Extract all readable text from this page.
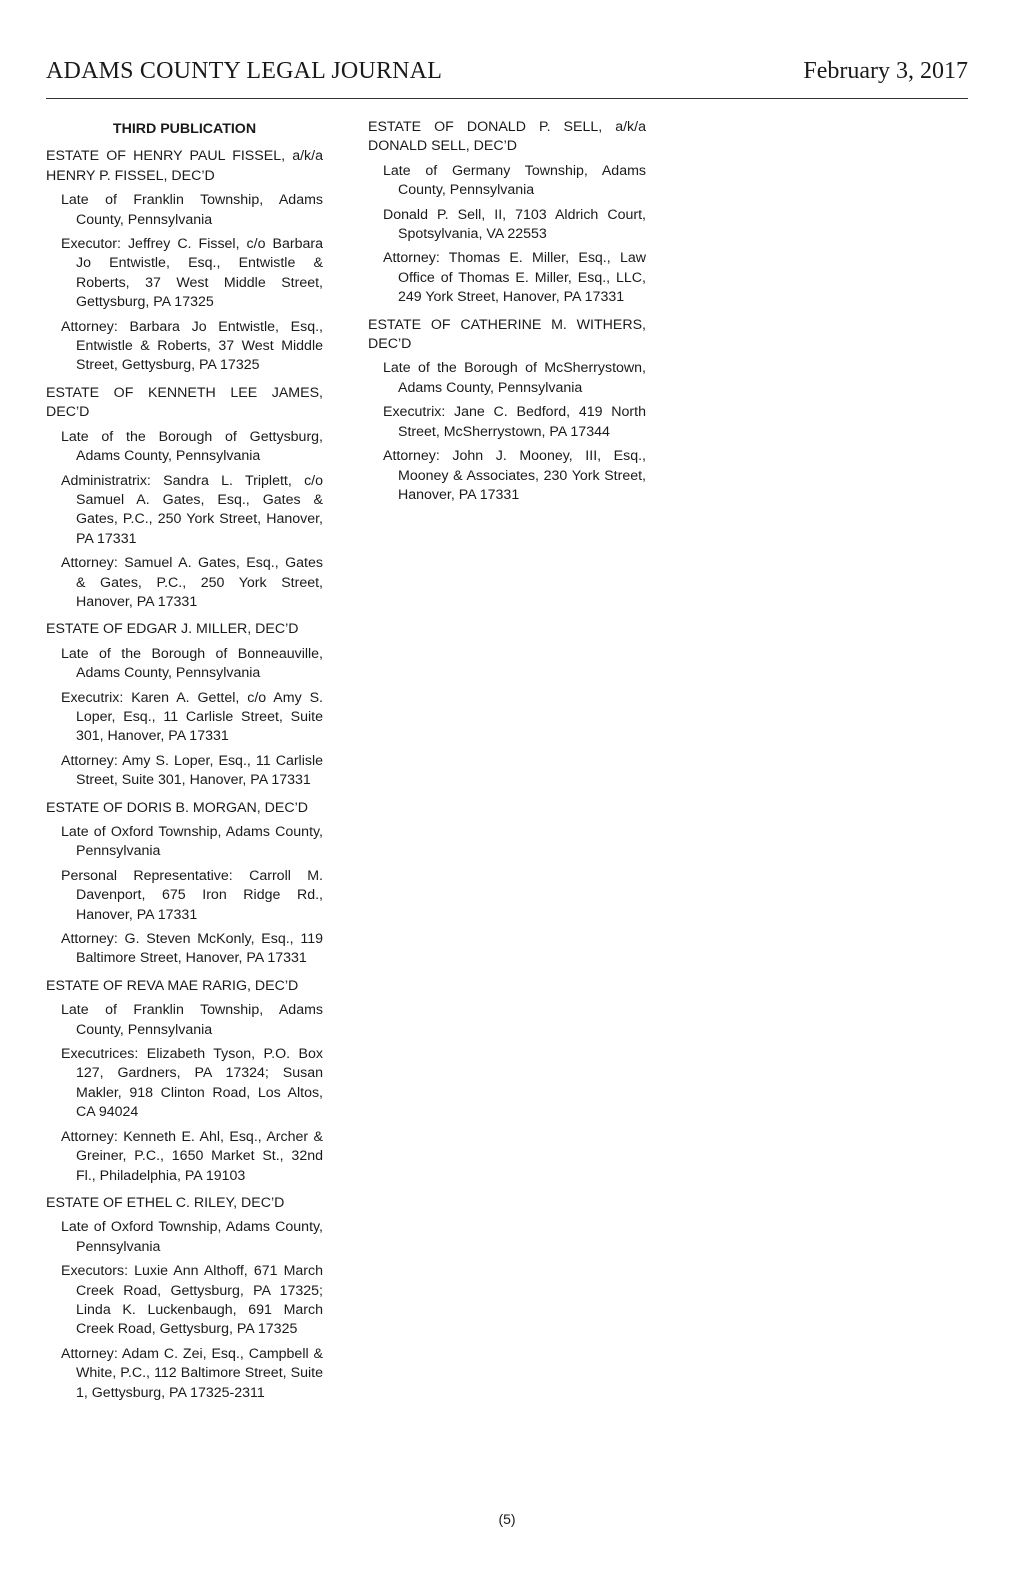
ADAMS COUNTY LEGAL JOURNAL	February 3, 2017
THIRD PUBLICATION
ESTATE OF HENRY PAUL FISSEL, a/k/a HENRY P. FISSEL, DEC’D
Late of Franklin Township, Adams County, Pennsylvania
Executor: Jeffrey C. Fissel, c/o Barbara Jo Entwistle, Esq., Entwistle & Roberts, 37 West Middle Street, Gettysburg, PA 17325
Attorney: Barbara Jo Entwistle, Esq., Entwistle & Roberts, 37 West Middle Street, Gettysburg, PA 17325
ESTATE OF KENNETH LEE JAMES, DEC’D
Late of the Borough of Gettysburg, Adams County, Pennsylvania
Administratrix: Sandra L. Triplett, c/o Samuel A. Gates, Esq., Gates & Gates, P.C., 250 York Street, Hanover, PA 17331
Attorney: Samuel A. Gates, Esq., Gates & Gates, P.C., 250 York Street, Hanover, PA 17331
ESTATE OF EDGAR J. MILLER, DEC’D
Late of the Borough of Bonneauville, Adams County, Pennsylvania
Executrix: Karen A. Gettel, c/o Amy S. Loper, Esq., 11 Carlisle Street, Suite 301, Hanover, PA 17331
Attorney: Amy S. Loper, Esq., 11 Carlisle Street, Suite 301, Hanover, PA 17331
ESTATE OF DORIS B. MORGAN, DEC’D
Late of Oxford Township, Adams County, Pennsylvania
Personal Representative: Carroll M. Davenport, 675 Iron Ridge Rd., Hanover, PA 17331
Attorney: G. Steven McKonly, Esq., 119 Baltimore Street, Hanover, PA 17331
ESTATE OF REVA MAE RARIG, DEC’D
Late of Franklin Township, Adams County, Pennsylvania
Executrices: Elizabeth Tyson, P.O. Box 127, Gardners, PA 17324; Susan Makler, 918 Clinton Road, Los Altos, CA 94024
Attorney: Kenneth E. Ahl, Esq., Archer & Greiner, P.C., 1650 Market St., 32nd Fl., Philadelphia, PA 19103
ESTATE OF ETHEL C. RILEY, DEC’D
Late of Oxford Township, Adams County, Pennsylvania
Executors: Luxie Ann Althoff, 671 March Creek Road, Gettysburg, PA 17325; Linda K. Luckenbaugh, 691 March Creek Road, Gettysburg, PA 17325
Attorney: Adam C. Zei, Esq., Campbell & White, P.C., 112 Baltimore Street, Suite 1, Gettysburg, PA 17325-2311
ESTATE OF DONALD P. SELL, a/k/a DONALD SELL, DEC’D
Late of Germany Township, Adams County, Pennsylvania
Donald P. Sell, II, 7103 Aldrich Court, Spotsylvania, VA 22553
Attorney: Thomas E. Miller, Esq., Law Office of Thomas E. Miller, Esq., LLC, 249 York Street, Hanover, PA 17331
ESTATE OF CATHERINE M. WITHERS, DEC’D
Late of the Borough of McSherrystown, Adams County, Pennsylvania
Executrix: Jane C. Bedford, 419 North Street, McSherrystown, PA 17344
Attorney: John J. Mooney, III, Esq., Mooney & Associates, 230 York Street, Hanover, PA 17331
(5)
